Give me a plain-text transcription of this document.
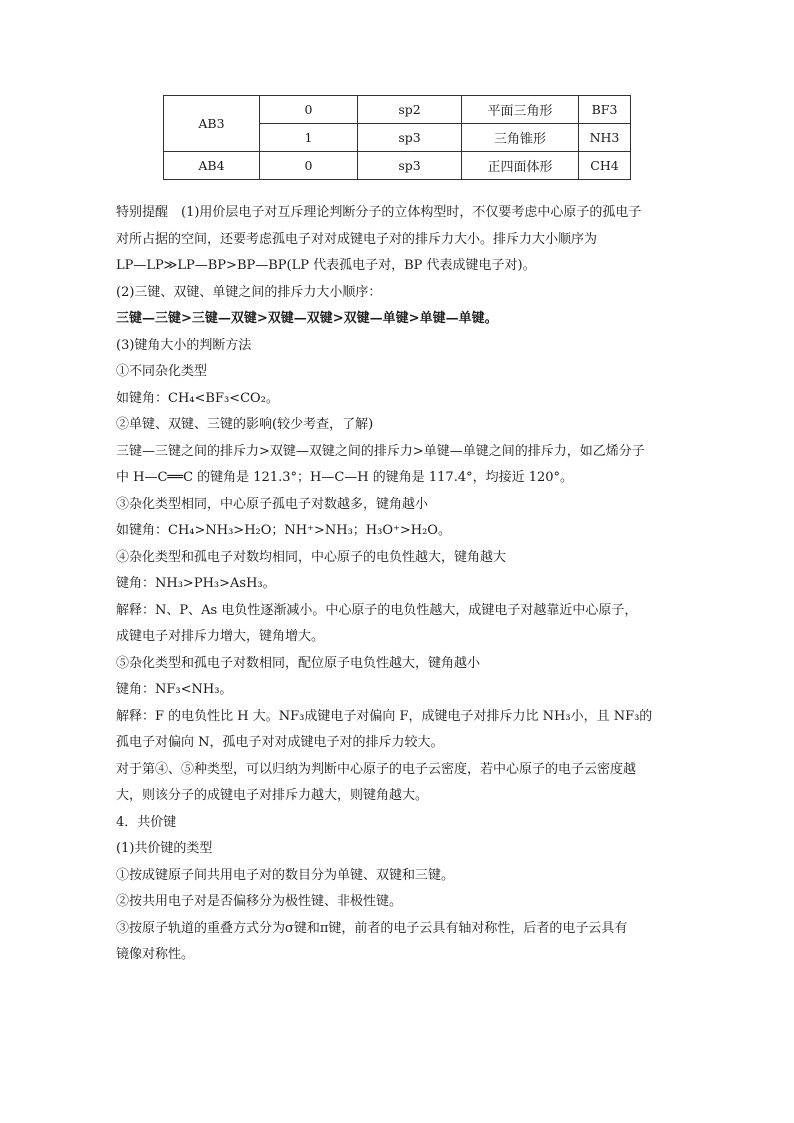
AB3	0	sp2	平面三角形	BF3
	1	sp3	三角锥形	NH3
AB4	0	sp3	正四面体形	CH4
特别提醒　(1)用价层电子对互斥理论判断分子的立体构型时，不仅要考虑中心原子的孤电子
对所占据的空间，还要考虑孤电子对对成键电子对的排斥力大小。排斥力大小顺序为
LP—LP≫LP—BP>BP—BP(LP 代表孤电子对，BP 代表成键电子对)。
(2)三键、双键、单键之间的排斥力大小顺序：
三键—三键>三键—双键>双键—双键>双键—单键>单键—单键。
(3)键角大小的判断方法
①不同杂化类型
如键角：CH₄<BF₃<CO₂。
②单键、双键、三键的影响(较少考查，了解)
三键—三键之间的排斥力>双键—双键之间的排斥力>单键—单键之间的排斥力，如乙烯分子
中 H—C══C 的键角是 121.3°；H—C—H 的键角是 117.4°，均接近 120°。
③杂化类型相同，中心原子孤电子对数越多，键角越小
如键角：CH₄>NH₃>H₂O；NH⁺>NH₃；H₃O⁺>H₂O。
④杂化类型和孤电子对数均相同，中心原子的电负性越大，键角越大
键角：NH₃>PH₃>AsH₃。
解释：N、P、As 电负性逐渐减小。中心原子的电负性越大，成键电子对越靠近中心原子，
成键电子对排斥力增大，键角增大。
⑤杂化类型和孤电子对数相同，配位原子电负性越大，键角越小
键角：NF₃<NH₃。
解释：F 的电负性比 H 大。NF₃成键电子对偏向 F，成键电子对排斥力比 NH₃小，且 NF₃的
孤电子对偏向 N，孤电子对对成键电子对的排斥力较大。
对于第④、⑤种类型，可以归纳为判断中心原子的电子云密度，若中心原子的电子云密度越
大，则该分子的成键电子对排斥力越大，则键角越大。
4．共价键
(1)共价键的类型
①按成键原子间共用电子对的数目分为单键、双键和三键。
②按共用电子对是否偏移分为极性键、非极性键。
③按原子轨道的重叠方式分为σ键和π键，前者的电子云具有轴对称性，后者的电子云具有
镜像对称性。
